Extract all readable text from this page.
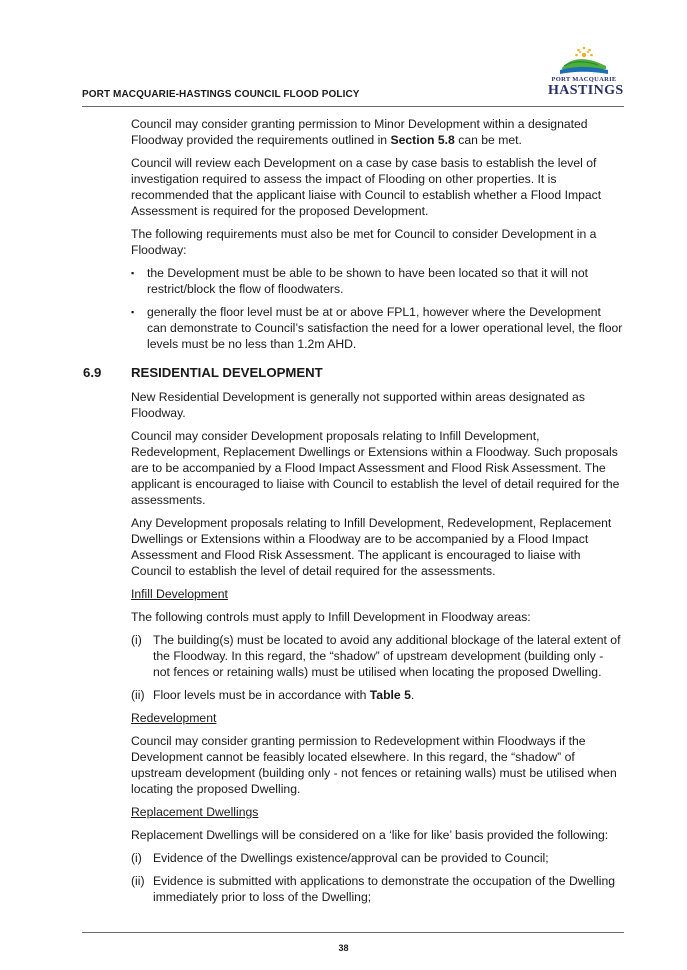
PORT MACQUARIE-HASTINGS COUNCIL FLOOD POLICY
PORT MACQUARIE
HASTINGS

Council may consider granting permission to Minor Development within a designated Floodway provided the requirements outlined in Section 5.8 can be met.

Council will review each Development on a case by case basis to establish the level of investigation required to assess the impact of Flooding on other properties. It is recommended that the applicant liaise with Council to establish whether a Flood Impact Assessment is required for the proposed Development.

The following requirements must also be met for Council to consider Development in a Floodway:

▪ the Development must be able to be shown to have been located so that it will not restrict/block the flow of floodwaters.
▪ generally the floor level must be at or above FPL1, however where the Development can demonstrate to Council’s satisfaction the need for a lower operational level, the floor levels must be no less than 1.2m AHD.
6.9 RESIDENTIAL DEVELOPMENT

New Residential Development is generally not supported within areas designated as Floodway.

Council may consider Development proposals relating to Infill Development, Redevelopment, Replacement Dwellings or Extensions within a Floodway. Such proposals are to be accompanied by a Flood Impact Assessment and Flood Risk Assessment. The applicant is encouraged to liaise with Council to establish the level of detail required for the assessments.

Any Development proposals relating to Infill Development, Redevelopment, Replacement Dwellings or Extensions within a Floodway are to be accompanied by a Flood Impact Assessment and Flood Risk Assessment. The applicant is encouraged to liaise with Council to establish the level of detail required for the assessments.

Infill Development

The following controls must apply to Infill Development in Floodway areas:

(i) The building(s) must be located to avoid any additional blockage of the lateral extent of the Floodway. In this regard, the “shadow” of upstream development (building only - not fences or retaining walls) must be utilised when locating the proposed Dwelling.
(ii) Floor levels must be in accordance with Table 5.
Redevelopment

Council may consider granting permission to Redevelopment within Floodways if the Development cannot be feasibly located elsewhere. In this regard, the “shadow” of upstream development (building only - not fences or retaining walls) must be utilised when locating the proposed Dwelling.

Replacement Dwellings

Replacement Dwellings will be considered on a ‘like for like’ basis provided the following:

(i) Evidence of the Dwellings existence/approval can be provided to Council;
(ii) Evidence is submitted with applications to demonstrate the occupation of the Dwelling immediately prior to loss of the Dwelling;
38
